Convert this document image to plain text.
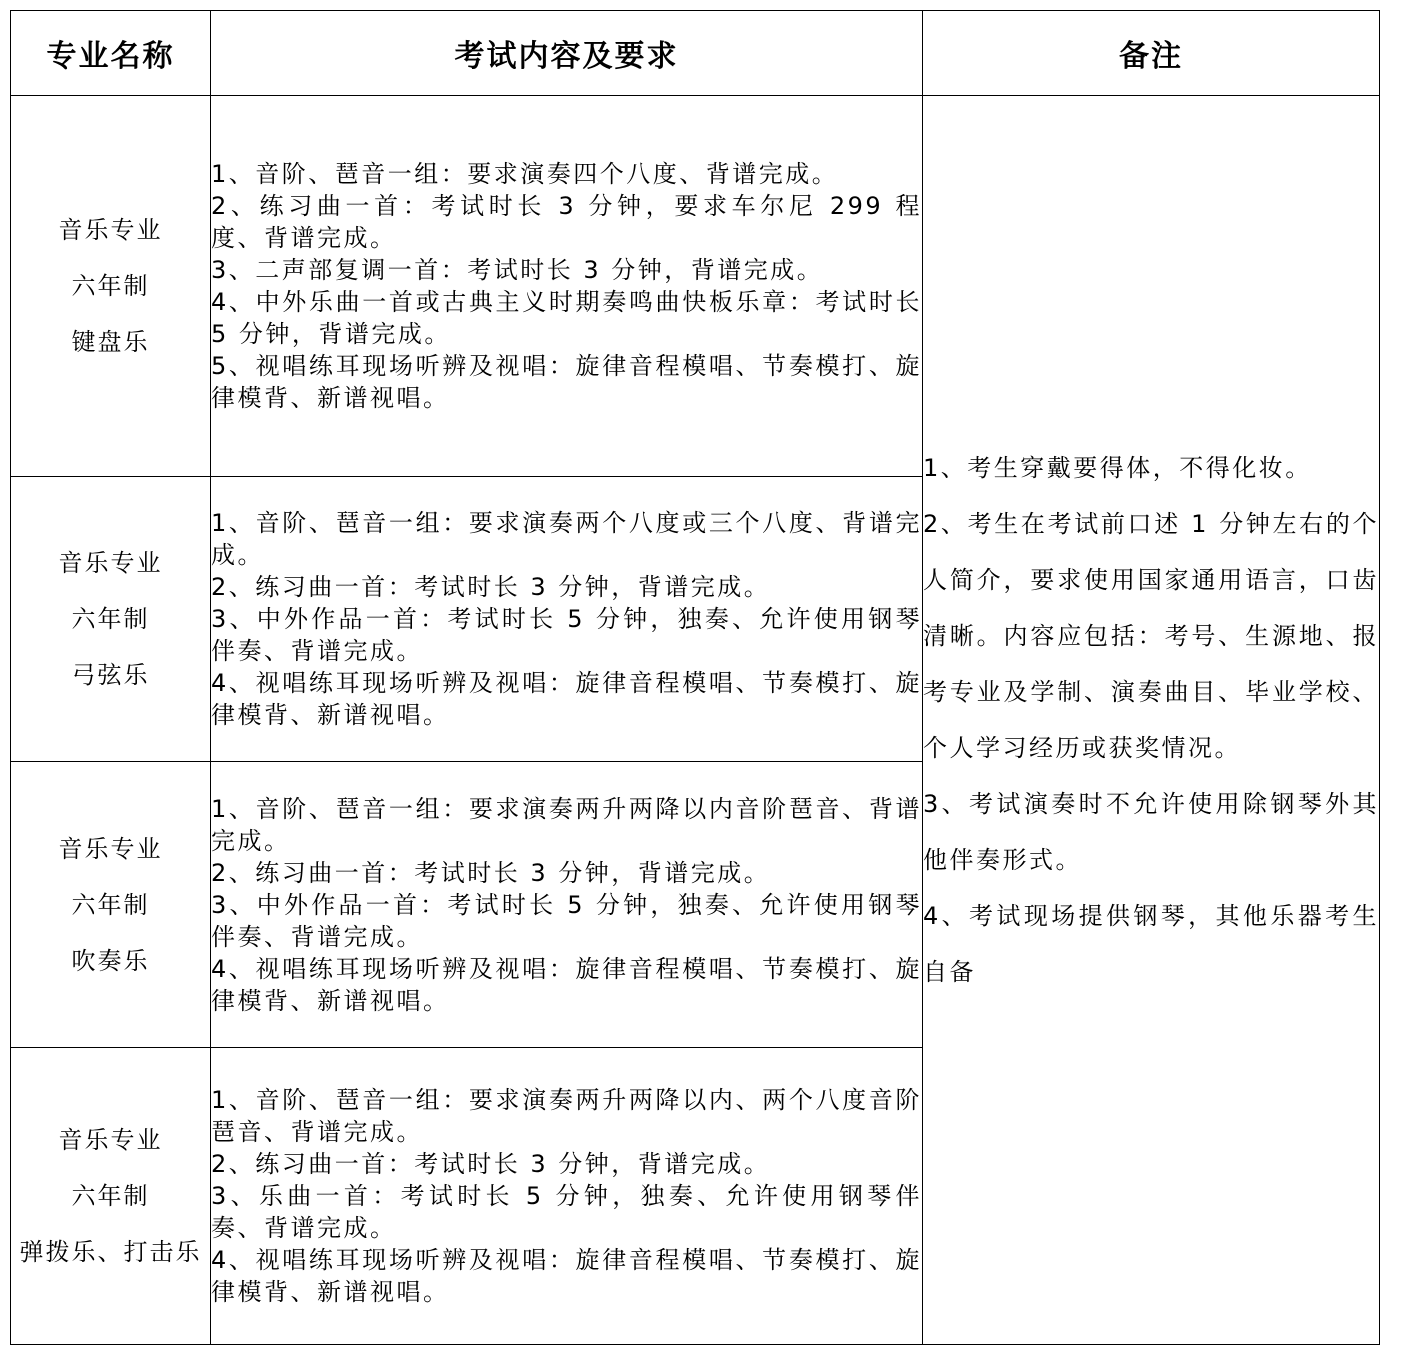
专业名称	考试内容及要求	备注

音乐专业
六年制
键盘乐	1、音阶、琶音一组：要求演奏四个八度、背谱完成。
2、练习曲一首：考试时长 3 分钟，要求车尔尼 299 程度、背谱完成。
3、二声部复调一首：考试时长 3 分钟，背谱完成。
4、中外乐曲一首或古典主义时期奏鸣曲快板乐章：考试时长 5 分钟，背谱完成。
5、视唱练耳现场听辨及视唱：旋律音程模唱、节奏模打、旋律模背、新谱视唱。	1、考生穿戴要得体，不得化妆。
2、考生在考试前口述 1 分钟左右的个人简介，要求使用国家通用语言，口齿清晰。内容应包括：考号、生源地、报考专业及学制、演奏曲目、毕业学校、个人学习经历或获奖情况。
3、考试演奏时不允许使用除钢琴外其他伴奏形式。
4、考试现场提供钢琴，其他乐器考生自备

音乐专业
六年制
弓弦乐	1、音阶、琶音一组：要求演奏两个八度或三个八度、背谱完成。
2、练习曲一首：考试时长 3 分钟，背谱完成。
3、中外作品一首：考试时长 5 分钟，独奏、允许使用钢琴伴奏、背谱完成。
4、视唱练耳现场听辨及视唱：旋律音程模唱、节奏模打、旋律模背、新谱视唱。	

音乐专业
六年制
吹奏乐	1、音阶、琶音一组：要求演奏两升两降以内音阶琶音、背谱完成。
2、练习曲一首：考试时长 3 分钟，背谱完成。
3、中外作品一首：考试时长 5 分钟，独奏、允许使用钢琴伴奏、背谱完成。
4、视唱练耳现场听辨及视唱：旋律音程模唱、节奏模打、旋律模背、新谱视唱。	

音乐专业
六年制
弹拨乐、打击乐	1、音阶、琶音一组：要求演奏两升两降以内、两个八度音阶琶音、背谱完成。
2、练习曲一首：考试时长 3 分钟，背谱完成。
3、乐曲一首：考试时长 5 分钟，独奏、允许使用钢琴伴奏、背谱完成。
4、视唱练耳现场听辨及视唱：旋律音程模唱、节奏模打、旋律模背、新谱视唱。	
